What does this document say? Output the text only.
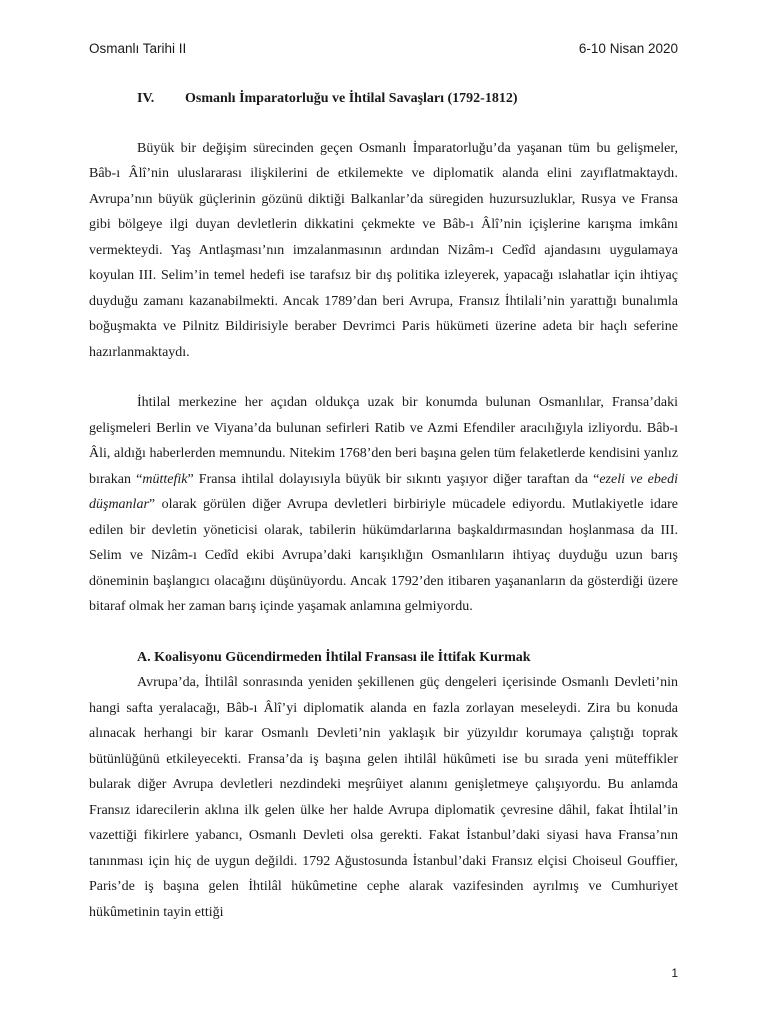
Osmanlı Tarihi II	6-10 Nisan 2020
IV.	Osmanlı İmparatorluğu ve İhtilal Savaşları (1792-1812)

Büyük bir değişim sürecinden geçen Osmanlı İmparatorluğu’da yaşanan tüm bu gelişmeler, Bâb-ı Âlî’nin uluslararası ilişkilerini de etkilemekte ve diplomatik alanda elini zayıflatmaktaydı. Avrupa’nın büyük güçlerinin gözünü diktiği Balkanlar’da süregiden huzursuzluklar, Rusya ve Fransa gibi bölgeye ilgi duyan devletlerin dikkatini çekmekte ve Bâb-ı Âlî’nin içişlerine karışma imkânı vermekteydi. Yaş Antlaşması’nın imzalanmasının ardından Nizâm-ı Cedîd ajandasını uygulamaya koyulan III. Selim’in temel hedefi ise tarafsız bir dış politika izleyerek, yapacağı ıslahatlar için ihtiyaç duyduğu zamanı kazanabilmekti. Ancak 1789’dan beri Avrupa, Fransız İhtilali’nin yarattığı bunalımla boğuşmakta ve Pilnitz Bildirisiyle beraber Devrimci Paris hükümeti üzerine adeta bir haçlı seferine hazırlanmaktaydı.

İhtilal merkezine her açıdan oldukça uzak bir konumda bulunan Osmanlılar, Fransa’daki gelişmeleri Berlin ve Viyana’da bulunan sefirleri Ratib ve Azmi Efendiler aracılığıyla izliyordu. Bâb-ı Âli, aldığı haberlerden memnundu. Nitekim 1768’den beri başına gelen tüm felaketlerde kendisini yanlız bırakan “müttefik” Fransa ihtilal dolayısıyla büyük bir sıkıntı yaşıyor diğer taraftan da “ezeli ve ebedi düşmanlar” olarak görülen diğer Avrupa devletleri birbiriyle mücadele ediyordu. Mutlakiyetle idare edilen bir devletin yöneticisi olarak, tabilerin hükümdarlarına başkaldırmasından hoşlanmasa da III. Selim ve Nizâm-ı Cedîd ekibi Avrupa’daki karışıklığın Osmanlıların ihtiyaç duyduğu uzun barış döneminin başlangıcı olacağını düşünüyordu. Ancak 1792’den itibaren yaşananların da gösterdiği üzere bitaraf olmak her zaman barış içinde yaşamak anlamına gelmiyordu.

A. Koalisyonu Gücendirmeden İhtilal Fransası ile İttifak Kurmak

Avrupa’da, İhtilâl sonrasında yeniden şekillenen güç dengeleri içerisinde Osmanlı Devleti’nin hangi safta yeralacağı, Bâb-ı Âlî’yi diplomatik alanda en fazla zorlayan meseleydi. Zira bu konuda alınacak herhangi bir karar Osmanlı Devleti’nin yaklaşık bir yüzyıldır korumaya çalıştığı toprak bütünlüğünü etkileyecekti. Fransa’da iş başına gelen ihtilâl hükûmeti ise bu sırada yeni müteffikler bularak diğer Avrupa devletleri nezdindeki meşrûiyet alanını genişletmeye çalışıyordu. Bu anlamda Fransız idarecilerin aklına ilk gelen ülke her halde Avrupa diplomatik çevresine dâhil, fakat İhtilal’in vazettiği fikirlere yabancı, Osmanlı Devleti olsa gerekti. Fakat İstanbul’daki siyasi hava Fransa’nın tanınması için hiç de uygun değildi. 1792 Ağustosunda İstanbul’daki Fransız elçisi Choiseul Gouffier, Paris’de iş başına gelen İhtilâl hükûmetine cephe alarak vazifesinden ayrılmış ve Cumhuriyet hükûmetinin tayin ettiği

1
